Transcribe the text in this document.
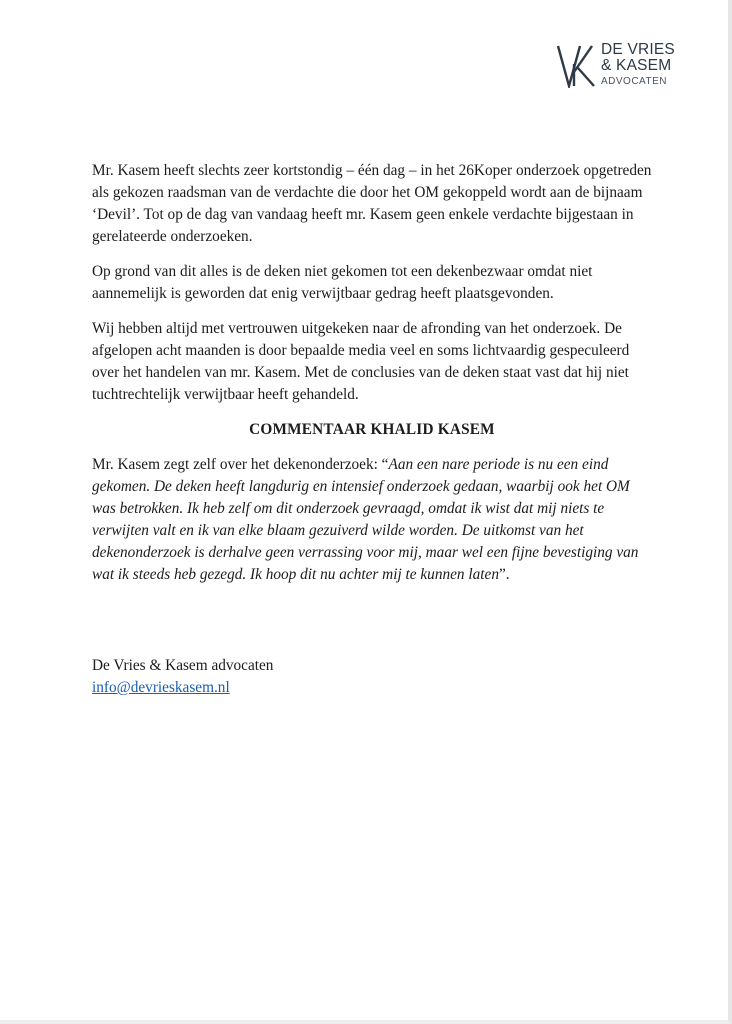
DE VRIES
& KASEM
ADVOCATEN

Mr. Kasem heeft slechts zeer kortstondig – één dag – in het 26Koper onderzoek opgetreden als gekozen raadsman van de verdachte die door het OM gekoppeld wordt aan de bijnaam ‘Devil’. Tot op de dag van vandaag heeft mr. Kasem geen enkele verdachte bijgestaan in gerelateerde onderzoeken.

Op grond van dit alles is de deken niet gekomen tot een dekenbezwaar omdat niet aannemelijk is geworden dat enig verwijtbaar gedrag heeft plaatsgevonden.

Wij hebben altijd met vertrouwen uitgekeken naar de afronding van het onderzoek. De afgelopen acht maanden is door bepaalde media veel en soms lichtvaardig gespeculeerd over het handelen van mr. Kasem. Met de conclusies van de deken staat vast dat hij niet tuchtrechtelijk verwijtbaar heeft gehandeld.

COMMENTAAR KHALID KASEM

Mr. Kasem zegt zelf over het dekenonderzoek: “Aan een nare periode is nu een eind gekomen. De deken heeft langdurig en intensief onderzoek gedaan, waarbij ook het OM was betrokken. Ik heb zelf om dit onderzoek gevraagd, omdat ik wist dat mij niets te verwijten valt en ik van elke blaam gezuiverd wilde worden. De uitkomst van het dekenonderzoek is derhalve geen verrassing voor mij, maar wel een fijne bevestiging van wat ik steeds heb gezegd. Ik hoop dit nu achter mij te kunnen laten”.

De Vries & Kasem advocaten
info@devrieskasem.nl
